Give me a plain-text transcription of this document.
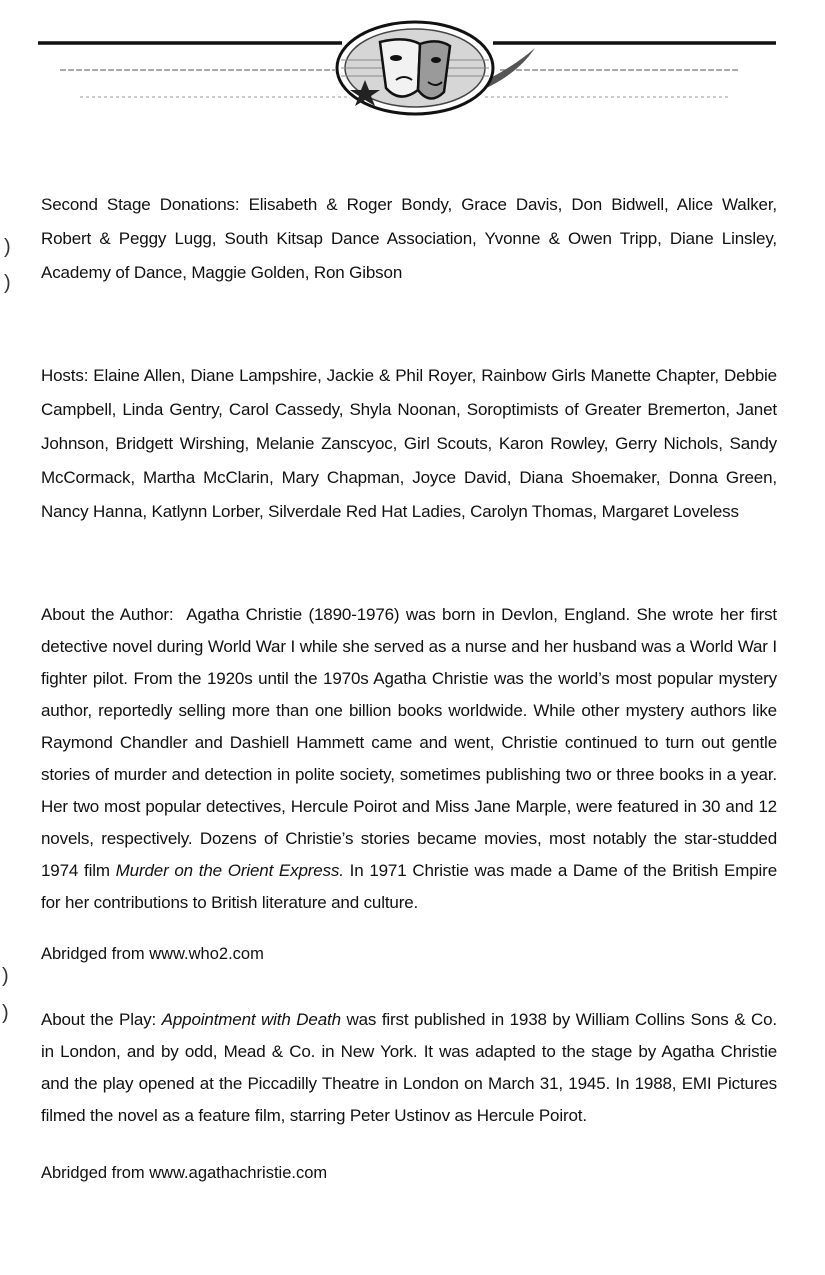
)
)
)
)

Second Stage Donations: Elisabeth & Roger Bondy, Grace Davis, Don Bidwell, Alice Walker, Robert & Peggy Lugg, South Kitsap Dance Association, Yvonne & Owen Tripp, Diane Linsley, Academy of Dance, Maggie Golden, Ron Gibson

Hosts: Elaine Allen, Diane Lampshire, Jackie & Phil Royer, Rainbow Girls Manette Chapter, Debbie Campbell, Linda Gentry, Carol Cassedy, Shyla Noonan, Soroptimists of Greater Bremerton, Janet Johnson, Bridgett Wirshing, Melanie Zanscyoc, Girl Scouts, Karon Rowley, Gerry Nichols, Sandy McCormack, Martha McClarin, Mary Chapman, Joyce David, Diana Shoemaker, Donna Green, Nancy Hanna, Katlynn Lorber, Silverdale Red Hat Ladies, Carolyn Thomas, Margaret Loveless

About the Author: Agatha Christie (1890-1976) was born in Devlon, England. She wrote her first detective novel during World War I while she served as a nurse and her husband was a World War I fighter pilot. From the 1920s until the 1970s Agatha Christie was the world’s most popular mystery author, reportedly selling more than one billion books worldwide. While other mystery authors like Raymond Chandler and Dashiell Hammett came and went, Christie continued to turn out gentle stories of murder and detection in polite society, sometimes publishing two or three books in a year. Her two most popular detectives, Hercule Poirot and Miss Jane Marple, were featured in 30 and 12 novels, respectively. Dozens of Christie’s stories became movies, most notably the star-studded 1974 film Murder on the Orient Express. In 1971 Christie was made a Dame of the British Empire for her contributions to British literature and culture.

Abridged from www.who2.com

About the Play: Appointment with Death was first published in 1938 by William Collins Sons & Co. in London, and by odd, Mead & Co. in New York. It was adapted to the stage by Agatha Christie and the play opened at the Piccadilly Theatre in London on March 31, 1945. In 1988, EMI Pictures filmed the novel as a feature film, starring Peter Ustinov as Hercule Poirot.

Abridged from www.agathachristie.com
